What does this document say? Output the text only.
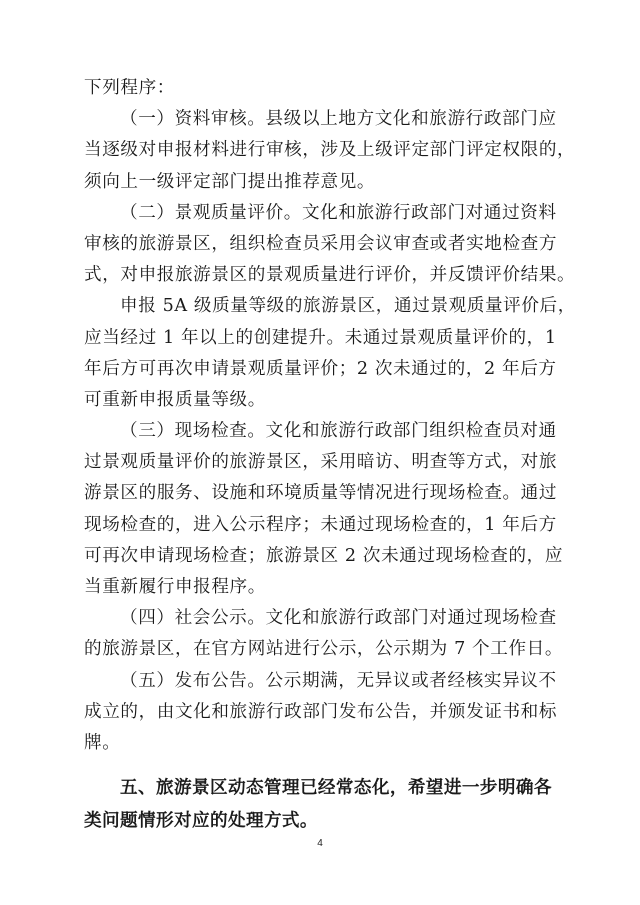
下列程序：
（一）资料审核。县级以上地方文化和旅游行政部门应
当逐级对申报材料进行审核，涉及上级评定部门评定权限的，
须向上一级评定部门提出推荐意见。
（二）景观质量评价。文化和旅游行政部门对通过资料
审核的旅游景区，组织检查员采用会议审查或者实地检查方
式，对申报旅游景区的景观质量进行评价，并反馈评价结果。
申报 5A 级质量等级的旅游景区，通过景观质量评价后，
应当经过 1 年以上的创建提升。未通过景观质量评价的，1
年后方可再次申请景观质量评价；2 次未通过的，2 年后方
可重新申报质量等级。
（三）现场检查。文化和旅游行政部门组织检查员对通
过景观质量评价的旅游景区，采用暗访、明查等方式，对旅
游景区的服务、设施和环境质量等情况进行现场检查。通过
现场检查的，进入公示程序；未通过现场检查的，1 年后方
可再次申请现场检查；旅游景区 2 次未通过现场检查的，应
当重新履行申报程序。
（四）社会公示。文化和旅游行政部门对通过现场检查
的旅游景区，在官方网站进行公示，公示期为 7 个工作日。
（五）发布公告。公示期满，无异议或者经核实异议不
成立的，由文化和旅游行政部门发布公告，并颁发证书和标
牌。
五、旅游景区动态管理已经常态化，希望进一步明确各
类问题情形对应的处理方式。
4
